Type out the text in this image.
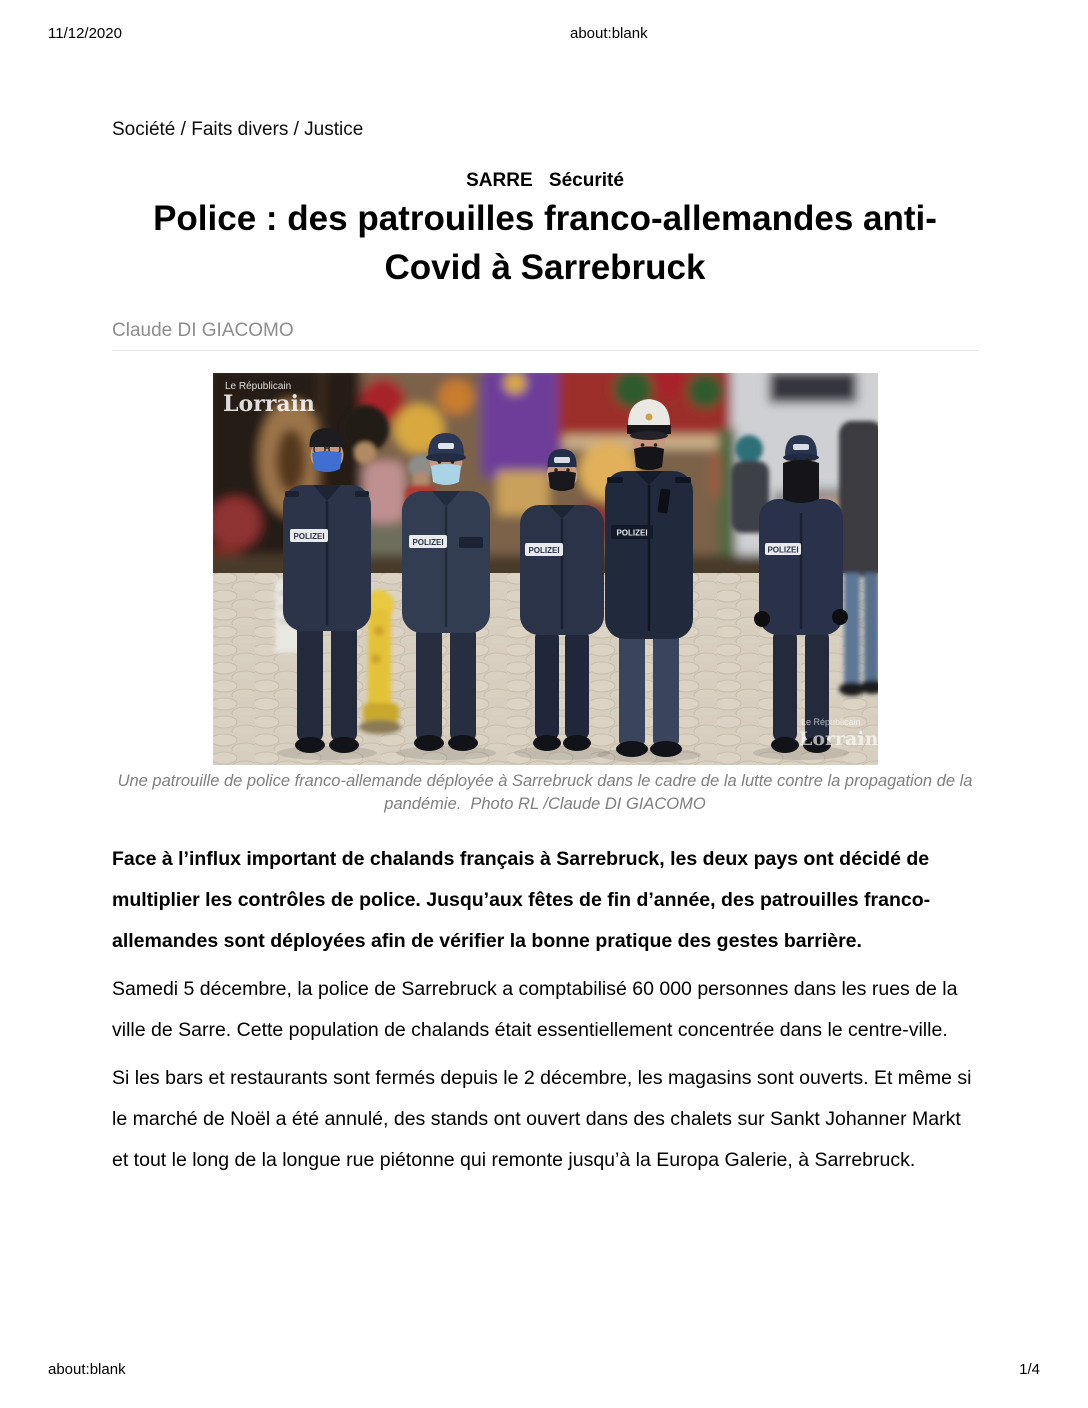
11/12/2020	about:blank
Société / Faits divers / Justice
SARRE Sécurité
Police : des patrouilles franco-allemandes anti-Covid à Sarrebruck
Claude DI GIACOMO
POLIZEI
POLIZEI
POLIZEI
POLIZEI
POLIZEI
Le Républicain
Lorrain
Le Républicain
Lorrain
Une patrouille de police franco-allemande déployée à Sarrebruck dans le cadre de la lutte contre la propagation de la pandémie. Photo RL /Claude DI GIACOMO

Face à l’influx important de chalands français à Sarrebruck, les deux pays ont décidé de multiplier les contrôles de police. Jusqu’aux fêtes de fin d’année, des patrouilles franco-allemandes sont déployées afin de vérifier la bonne pratique des gestes barrière.

Samedi 5 décembre, la police de Sarrebruck a comptabilisé 60 000 personnes dans les rues de la ville de Sarre. Cette population de chalands était essentiellement concentrée dans le centre-ville.

Si les bars et restaurants sont fermés depuis le 2 décembre, les magasins sont ouverts. Et même si le marché de Noël a été annulé, des stands ont ouvert dans des chalets sur Sankt Johanner Markt et tout le long de la longue rue piétonne qui remonte jusqu’à la Europa Galerie, à Sarrebruck.

about:blank	1/4
